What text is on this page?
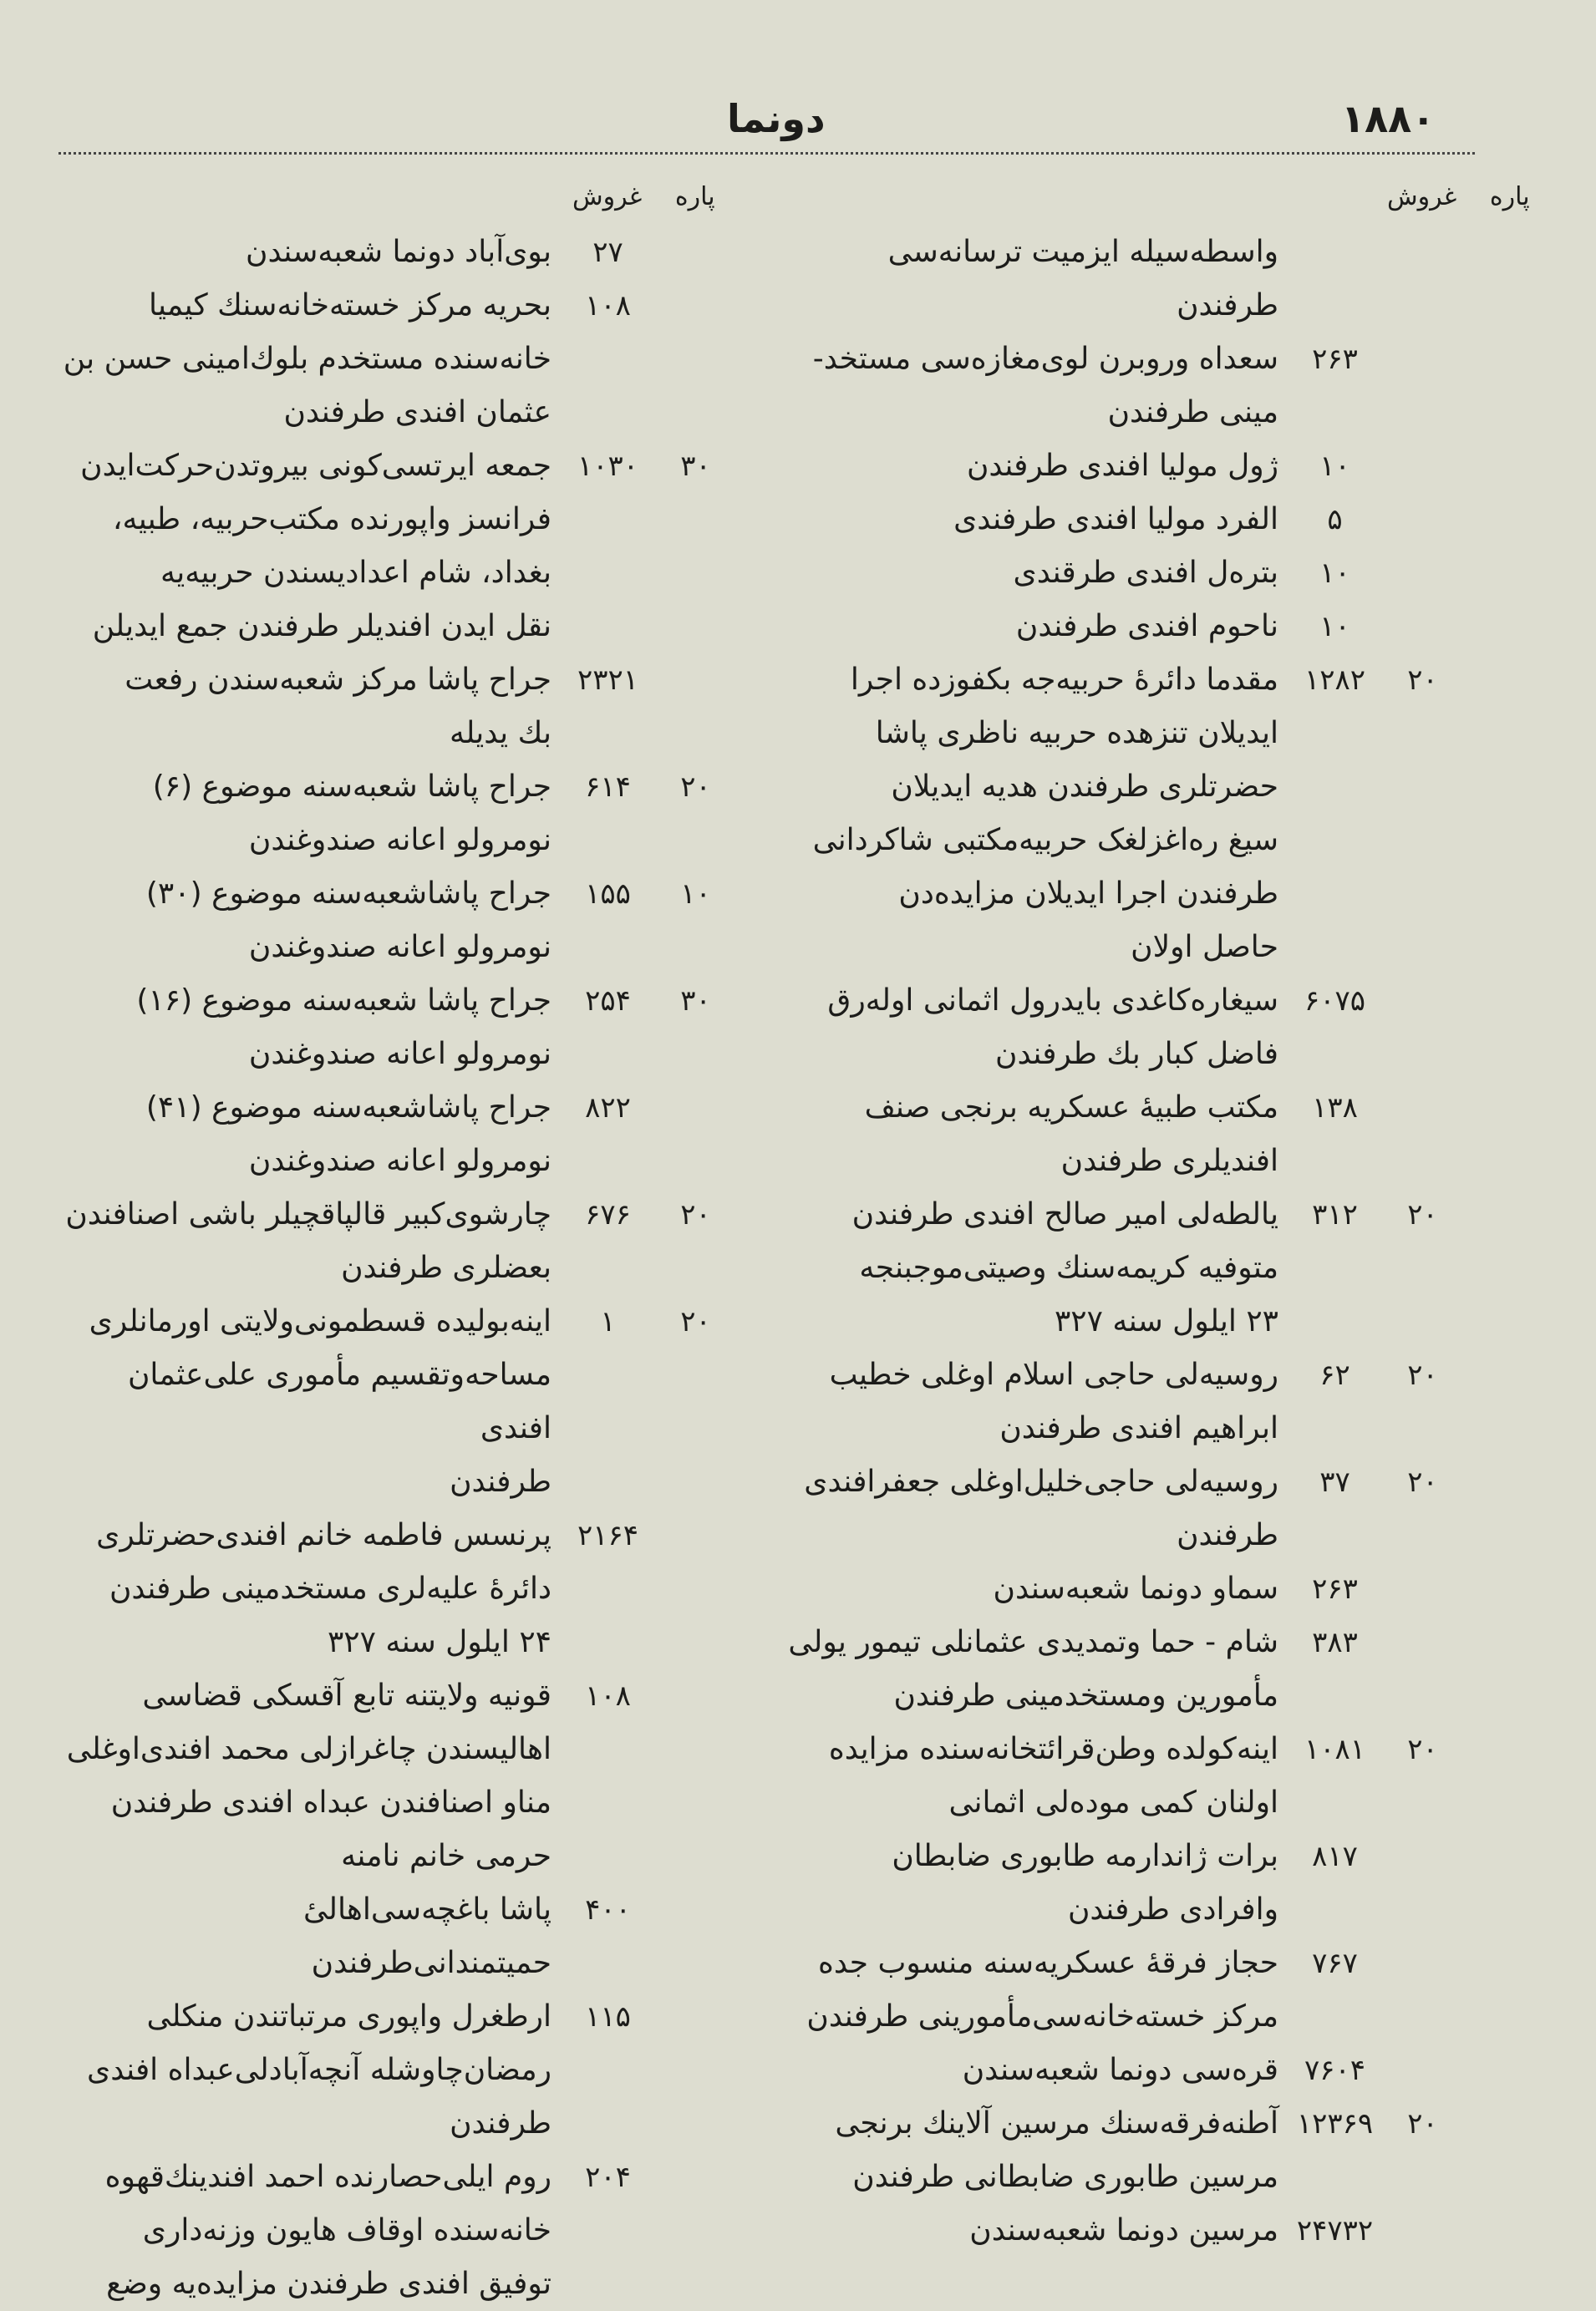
۱۸۸۰
دونما
غروش پاره
غروش پاره
واسطه‌سیله ایزمیت ترسانه‌سی طرفندن
۲۶۳
سعداه وروبرن لوی‌مغازه‌سی مستخد-
مینی طرفندن
۱۰
ژول مولیا افندی طرفندن
۵
الفرد مولیا افندی طرفندی
۱۰
بتره‌ل افندی طرقندی
۱۰
ناحوم افندی طرفندن
۲۰
۱۲۸۲
مقدما دائرهٔ حربیه‌جه بکفوزده اجرا
ایدیلان تنزهده حربیه ناظری پاشا
حضرتلری طرفندن هدیه ایدیلان
سیغ ره‌اغزلغک حربیه‌مکتبی شاکردانی
طرفندن اجرا ایدیلان مزایده‌دن
حاصل اولان
۶۰۷۵
سیغاره‌کاغدی بایدرول اثمانی اوله‌رق
فاضل کبار بك طرفندن
۱۳۸
مکتب طبیهٔ عسکریه برنجی صنف
افندیلری طرفندن
۲۰
۳۱۲
یالطه‌لی امیر صالح افندی طرفندن
متوفیه کریمه‌سنك وصیتی‌موجبنجه
۲۳ ایلول سنه ۳۲۷
۲۰
۶۲
روسیه‌لی حاجی اسلام اوغلی خطیب
ابراهیم افندی طرفندن
۲۰
۳۷
روسیه‌لی حاجی‌خلیل‌اوغلی جعفرافندی
طرفندن
۲۶۳
سماو دونما شعبه‌سندن
۳۸۳
شام - حما وتمدیدی عثمانلی تیمور یولی
مأمورین ومستخدمینی طرفندن
۲۰
۱۰۸۱
اینه‌کولده وطن‌قرائتخانه‌سنده مزایده
اولنان کمی موده‌لی اثمانی
۸۱۷
برات ژاندارمه طابوری ضابطان
وافرادی طرفندن
۷۶۷
حجاز فرقهٔ عسکریه‌سنه منسوب جده
مرکز خسته‌خانه‌سی‌مأمورینی طرفندن
۷۶۰۴
قره‌سی دونما شعبه‌سندن
۲۰
۱۲۳۶۹
آطنه‌فرقه‌سنك مرسین آلاینك برنجی
مرسین طابوری ضابطانی طرفندن
۲۴۷۳۲
مرسین دونما شعبه‌سندن
۲۷
بوی‌آباد دونما شعبه‌سندن
۱۰۸
بحریه مرکز خسته‌خانه‌سنك کیمیا
خانه‌سنده مستخدم بلوك‌امینی حسن بن
عثمان افندی طرفندن
۳۰
۱۰۳۰
جمعه ایرتسی‌کونی بیروتدن‌حرکت‌ایدن
فرانسز واپورنده مکتب‌حربیه، طبیه،
بغداد، شام اعدادیسندن حربیه‌یه
نقل ایدن افندیلر طرفندن جمع ایدیلن
۲۳۲۱
جراح پاشا مرکز شعبه‌سندن رفعت
بك یدیله
۲۰
۶۱۴
جراح پاشا شعبه‌سنه موضوع (۶)
نومرولو اعانه صندوغندن
۱۰
۱۵۵
جراح پاشاشعبه‌سنه موضوع (۳۰)
نومرولو اعانه صندوغندن
۳۰
۲۵۴
جراح پاشا شعبه‌سنه موضوع (۱۶)
نومرولو اعانه صندوغندن
۸۲۲
جراح پاشاشعبه‌سنه موضوع (۴۱)
نومرولو اعانه صندوغندن
۲۰
۶۷۶
چارشوی‌کبیر قالپاقچیلر باشی اصنافندن
بعضلری طرفندن
۲۰
۱
اینه‌بولیده قسطمونی‌ولایتی اورمانلری
مساحه‌وتقسیم مأموری علی‌عثمان افندی
طرفندن
۲۱۶۴
پرنسس فاطمه خانم افندی‌حضرتلری
دائرهٔ علیه‌لری مستخدمینی طرفندن
۲۴ ایلول سنه ۳۲۷
۱۰۸
قونیه ولایتنه تابع آقسکی قضاسی
اهالیسندن چاغرازلی محمد افندی‌اوغلی
مناو اصنافندن عبداه افندی طرفندن
حرمی خانم نامنه
۴۰۰
پاشا باغچه‌سی‌اهالیٔ حمیتمندانی‌طرفندن
۱۱۵
ارطغرل واپوری مرتباتندن منکلی
رمضان‌چاوشله آنچه‌آبادلی‌عبداه افندی
طرفندن
۲۰۴
روم ایلی‌حصارنده احمد افندینك‌قهوه‌
خانه‌سنده اوقاف هایون وزنه‌داری
توفیق افندی طرفندن مزایده‌یه وضع
